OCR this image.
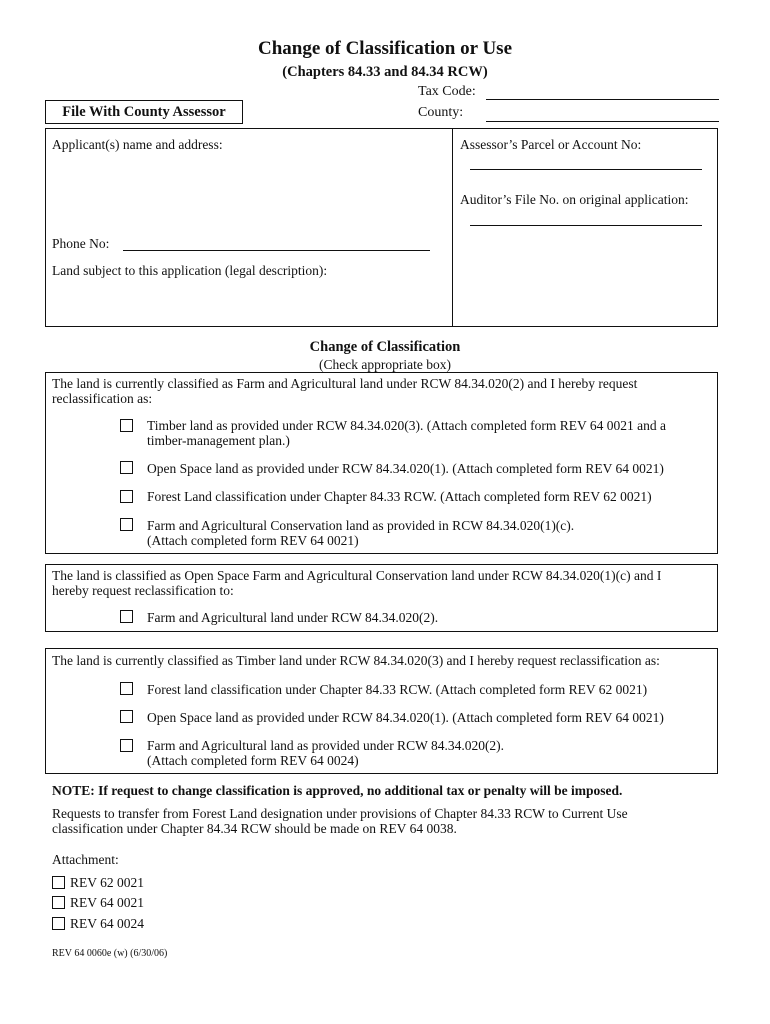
Change of Classification or Use
(Chapters 84.33 and 84.34 RCW)
Tax Code:
County:
File With County Assessor
Applicant(s) name and address:
Phone No:
Land subject to this application (legal description):
Assessor’s Parcel or Account No:
Auditor’s File No. on original application:
Change of Classification
(Check appropriate box)
The land is currently classified as Farm and Agricultural land under RCW 84.34.020(2) and I hereby request
reclassification as:
Timber land as provided under RCW 84.34.020(3). (Attach completed form REV 64 0021 and a
timber-management plan.)
Open Space land as provided under RCW 84.34.020(1). (Attach completed form REV 64 0021)
Forest Land classification under Chapter 84.33 RCW. (Attach completed form REV 62 0021)
Farm and Agricultural Conservation land as provided in RCW 84.34.020(1)(c).
(Attach completed form REV 64 0021)
The land is classified as Open Space Farm and Agricultural Conservation land under RCW 84.34.020(1)(c) and I
hereby request reclassification to:
Farm and Agricultural land under RCW 84.34.020(2).
The land is currently classified as Timber land under RCW 84.34.020(3) and I hereby request reclassification as:
Forest land classification under Chapter 84.33 RCW. (Attach completed form REV 62 0021)
Open Space land as provided under RCW 84.34.020(1). (Attach completed form REV 64 0021)
Farm and Agricultural land as provided under RCW 84.34.020(2).
(Attach completed form REV 64 0024)
NOTE: If request to change classification is approved, no additional tax or penalty will be imposed.
Requests to transfer from Forest Land designation under provisions of Chapter 84.33 RCW to Current Use
classification under Chapter 84.34 RCW should be made on REV 64 0038.
Attachment:
REV 62 0021
REV 64 0021
REV 64 0024
REV 64 0060e (w) (6/30/06)
